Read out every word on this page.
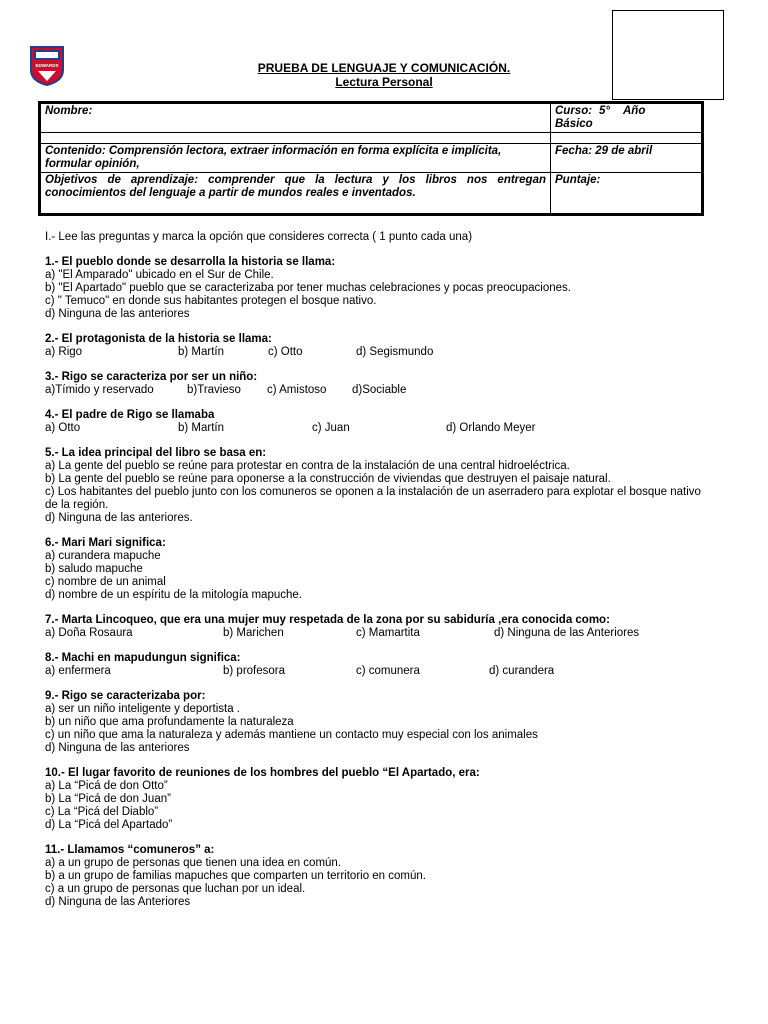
EDWARDS	PRUEBA DE LENGUAJE Y COMUNICACIÓN.
Lectura Personal
Nombre:	Curso: 5° Año
Básico

Contenido: Comprensión lectora, extraer información en forma explícita e implícita, formular opinión,	Fecha: 29 de abril
Objetivos de aprendizaje: comprender que la lectura y los libros nos entregan conocimientos del lenguaje a partir de mundos reales e inventados.	Puntaje:

I.- Lee las preguntas y marca la opción que consideres correcta ( 1 punto cada una)

1.- El pueblo donde se desarrolla la historia se llama:
a) "El Amparado" ubicado en el Sur de Chile.
b) "El Apartado" pueblo que se caracterizaba por tener muchas celebraciones y pocas preocupaciones.
c) " Temuco" en donde sus habitantes protegen el bosque nativo.
d) Ninguna de las anteriores
2.- El protagonista de la historia se llama:
a) Rigo	b) Martín	c) Otto	d) Segismundo
3.- Rigo se caracteriza por ser un niño:
a)Tímido y reservado	b)Travieso	c) Amistoso	d)Sociable
4.- El padre de Rigo se llamaba
a) Otto	b) Martín	c) Juan	d) Orlando Meyer
5.- La idea principal del libro se basa en:
a) La gente del pueblo se reúne para protestar en contra de la instalación de una central hidroeléctrica.
b) La gente del pueblo se reúne para oponerse a la construcción de viviendas que destruyen el paisaje natural.
c) Los habitantes del pueblo junto con los comuneros se oponen a la instalación de un aserradero para explotar el bosque nativo de la región.
d) Ninguna de las anteriores.
6.- Mari Mari significa:
a) curandera mapuche
b) saludo mapuche
c) nombre de un animal
d) nombre de un espíritu de la mitología mapuche.
7.- Marta Lincoqueo, que era una mujer muy respetada de la zona por su sabiduría ,era conocida como:
a) Doña Rosaura	b) Marichen	c) Mamartita	d) Ninguna de las Anteriores
8.- Machi en mapudungun significa:
a) enfermera	b) profesora	c) comunera	d) curandera
9.- Rigo se caracterizaba por:
a) ser un niño inteligente y deportista .
b) un niño que ama profundamente la naturaleza
c) un niño que ama la naturaleza y además mantiene un contacto muy especial con los animales
d) Ninguna de las anteriores
10.- El lugar favorito de reuniones de los hombres del pueblo “El Apartado, era:
a) La “Picá de don Otto”
b) La “Picá de don Juan”
c) La “Picá del Diablo”
d) La “Picá del Apartado”
11.- Llamamos “comuneros” a:
a) a un grupo de personas que tienen una idea en común.
b) a un grupo de familias mapuches que comparten un territorio en común.
c) a un grupo de personas que luchan por un ideal.
d) Ninguna de las Anteriores
